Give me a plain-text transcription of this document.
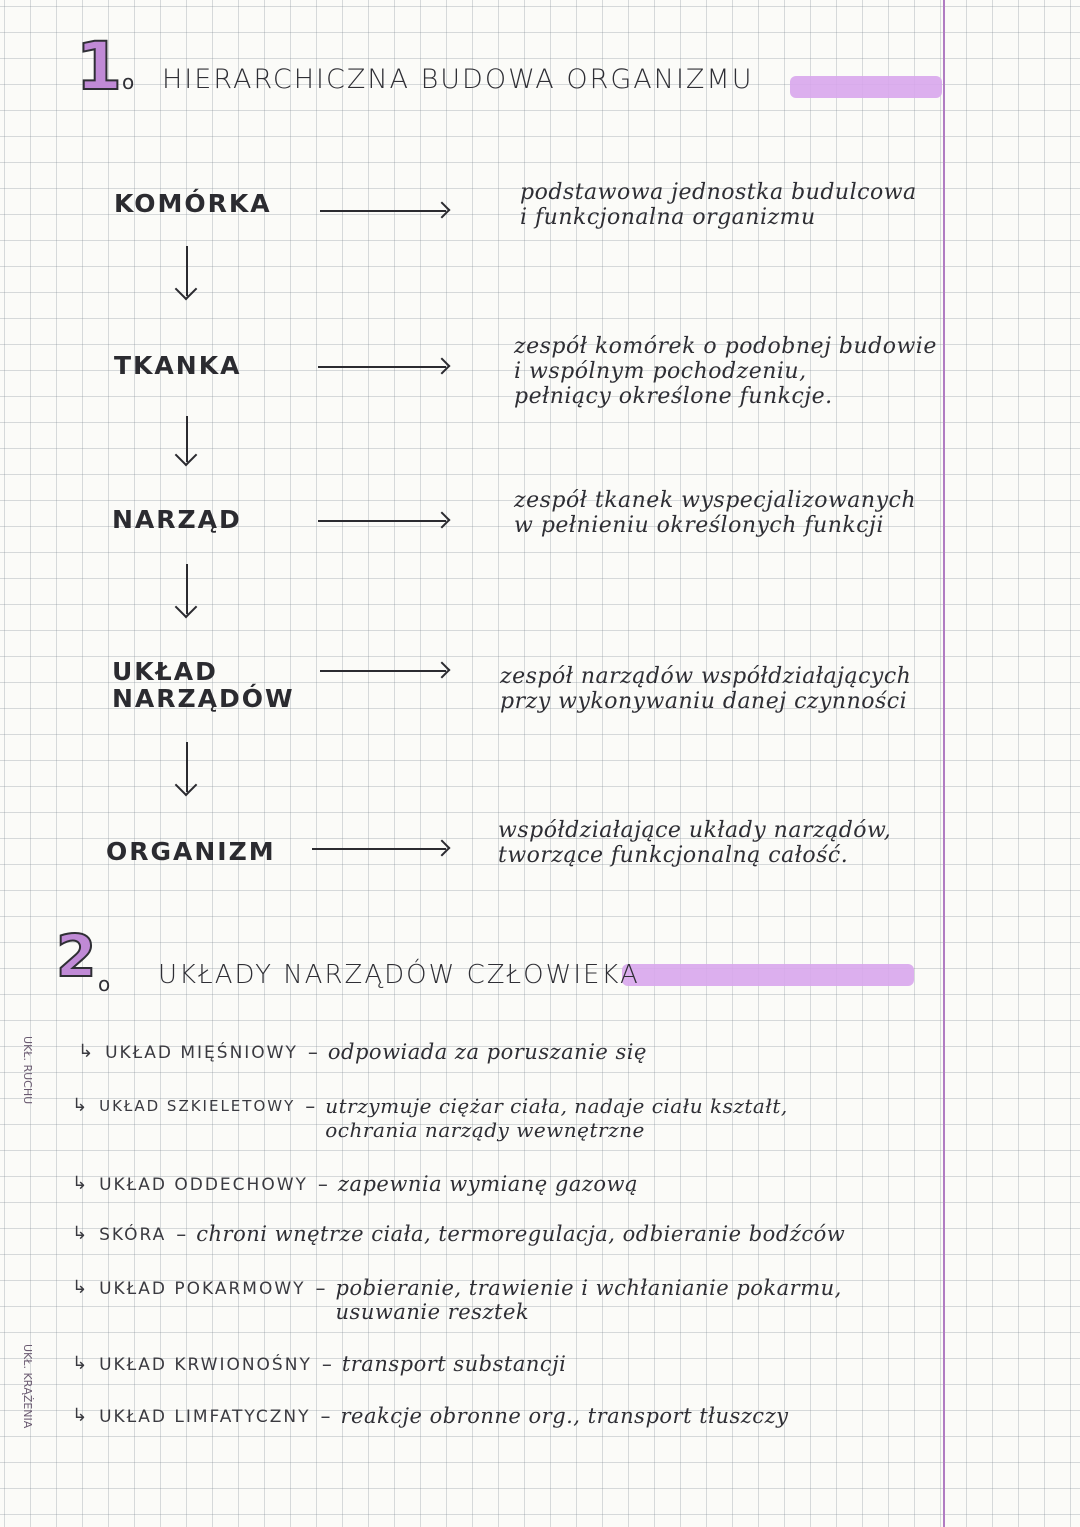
1 o HIERARCHICZNA BUDOWA ORGANIZMU
KOMÓRKA	podstawowa jednostka budulcowa
i funkcjonalna organizmu
TKANKA
zespół komórek o podobnej budowie
i wspólnym pochodzeniu,
pełniący określone funkcje.
NARZĄD
zespół tkanek wyspecjalizowanych
w pełnieniu określonych funkcji
UKŁAD
NARZĄDÓW
zespół narządów współdziałających
przy wykonywaniu danej czynności
ORGANIZM
współdziałające układy narządów,
tworzące funkcjonalną całość.
2 o UKŁADY NARZĄDÓW CZŁOWIEKA
↳ UKŁAD MIĘŚNIOWY – odpowiada za poruszanie się
↳ UKŁAD SZKIELETOWY – utrzymuje ciężar ciała, nadaje ciału kształt,
ochrania narządy wewnętrzne
↳ UKŁAD ODDECHOWY – zapewnia wymianę gazową
↳ SKÓRA – chroni wnętrze ciała, termoregulacja, odbieranie bodźców
↳ UKŁAD POKARMOWY – pobieranie, trawienie i wchłanianie pokarmu,
usuwanie resztek
↳ UKŁAD KRWIONOŚNY – transport substancji
↳ UKŁAD LIMFATYCZNY – reakcje obronne org., transport tłuszczy
UKŁ. RUCHU
UKŁ. KRĄŻENIA
